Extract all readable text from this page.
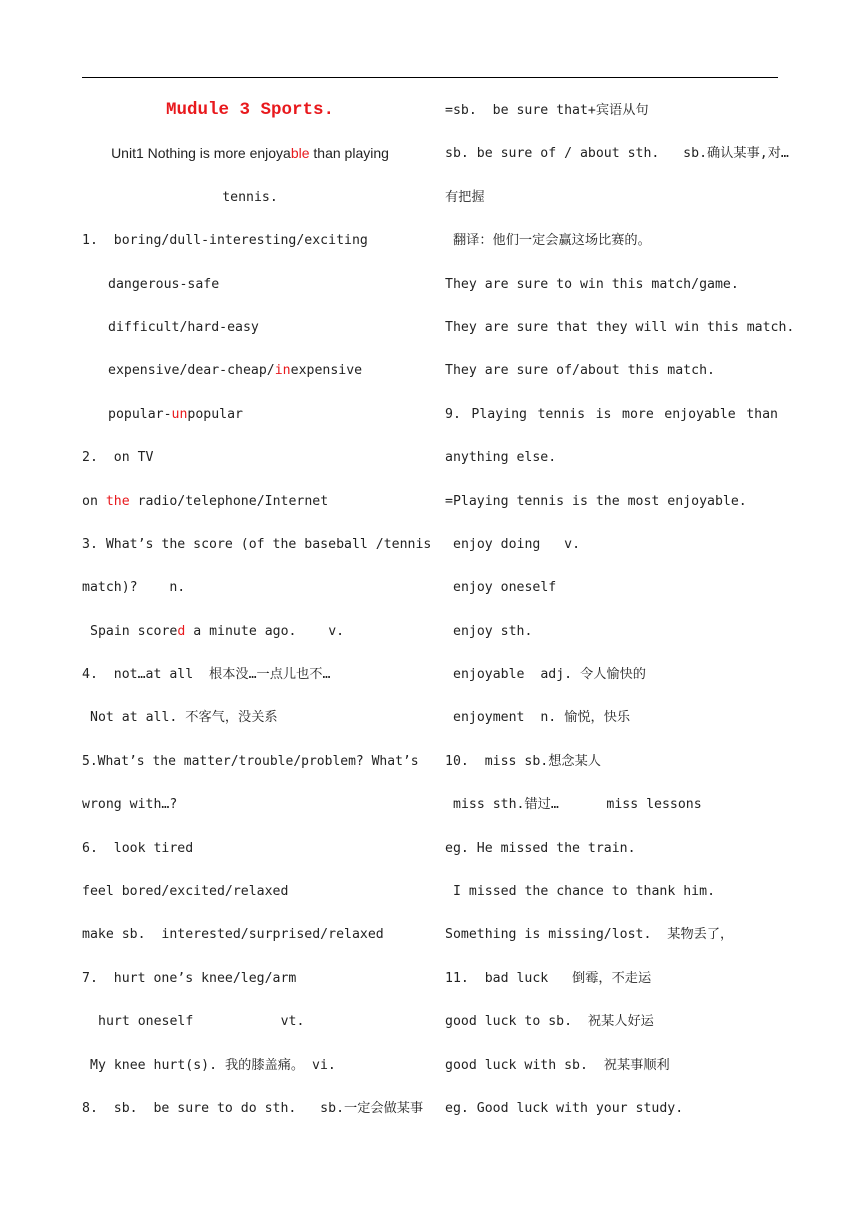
Mudule 3 Sports.
Unit1 Nothing is more enjoyable than playing
tennis.
1.  boring/dull-interesting/exciting
dangerous-safe
difficult/hard-easy
expensive/dear-cheap/inexpensive
popular-unpopular
2.  on TV
on the radio/telephone/Internet
3. What’s the score (of the baseball /tennis
match)?    n.
Spain scored a minute ago.    v.
4.  not…at all  根本没…一点儿也不…
Not at all. 不客气，没关系
5.What’s the matter/trouble/problem? What’s
wrong with…?
6.  look tired
feel bored/excited/relaxed
make sb.  interested/surprised/relaxed
7.  hurt one’s knee/leg/arm
hurt oneself           vt.
My knee hurt(s). 我的膝盖痛。 vi.
8.  sb.  be sure to do sth.   sb.一定会做某事
=sb.  be sure that+宾语从句
sb. be sure of / about sth.   sb.确认某事,对…
有把握
翻译：他们一定会赢这场比赛的。
They are sure to win this match/game.
They are sure that they will win this match.
They are sure of/about this match.
9. Playing tennis is more enjoyable than
anything else.
=Playing tennis is the most enjoyable.
enjoy doing   v.
enjoy oneself
enjoy sth.
enjoyable  adj. 令人愉快的
enjoyment  n. 愉悦，快乐
10.  miss sb.想念某人
miss sth.错过…      miss lessons
eg. He missed the train.
I missed the chance to thank him.
Something is missing/lost.  某物丢了，
11.  bad luck   倒霉，不走运
good luck to sb.  祝某人好运
good luck with sb.  祝某事顺利
eg. Good luck with your study.
